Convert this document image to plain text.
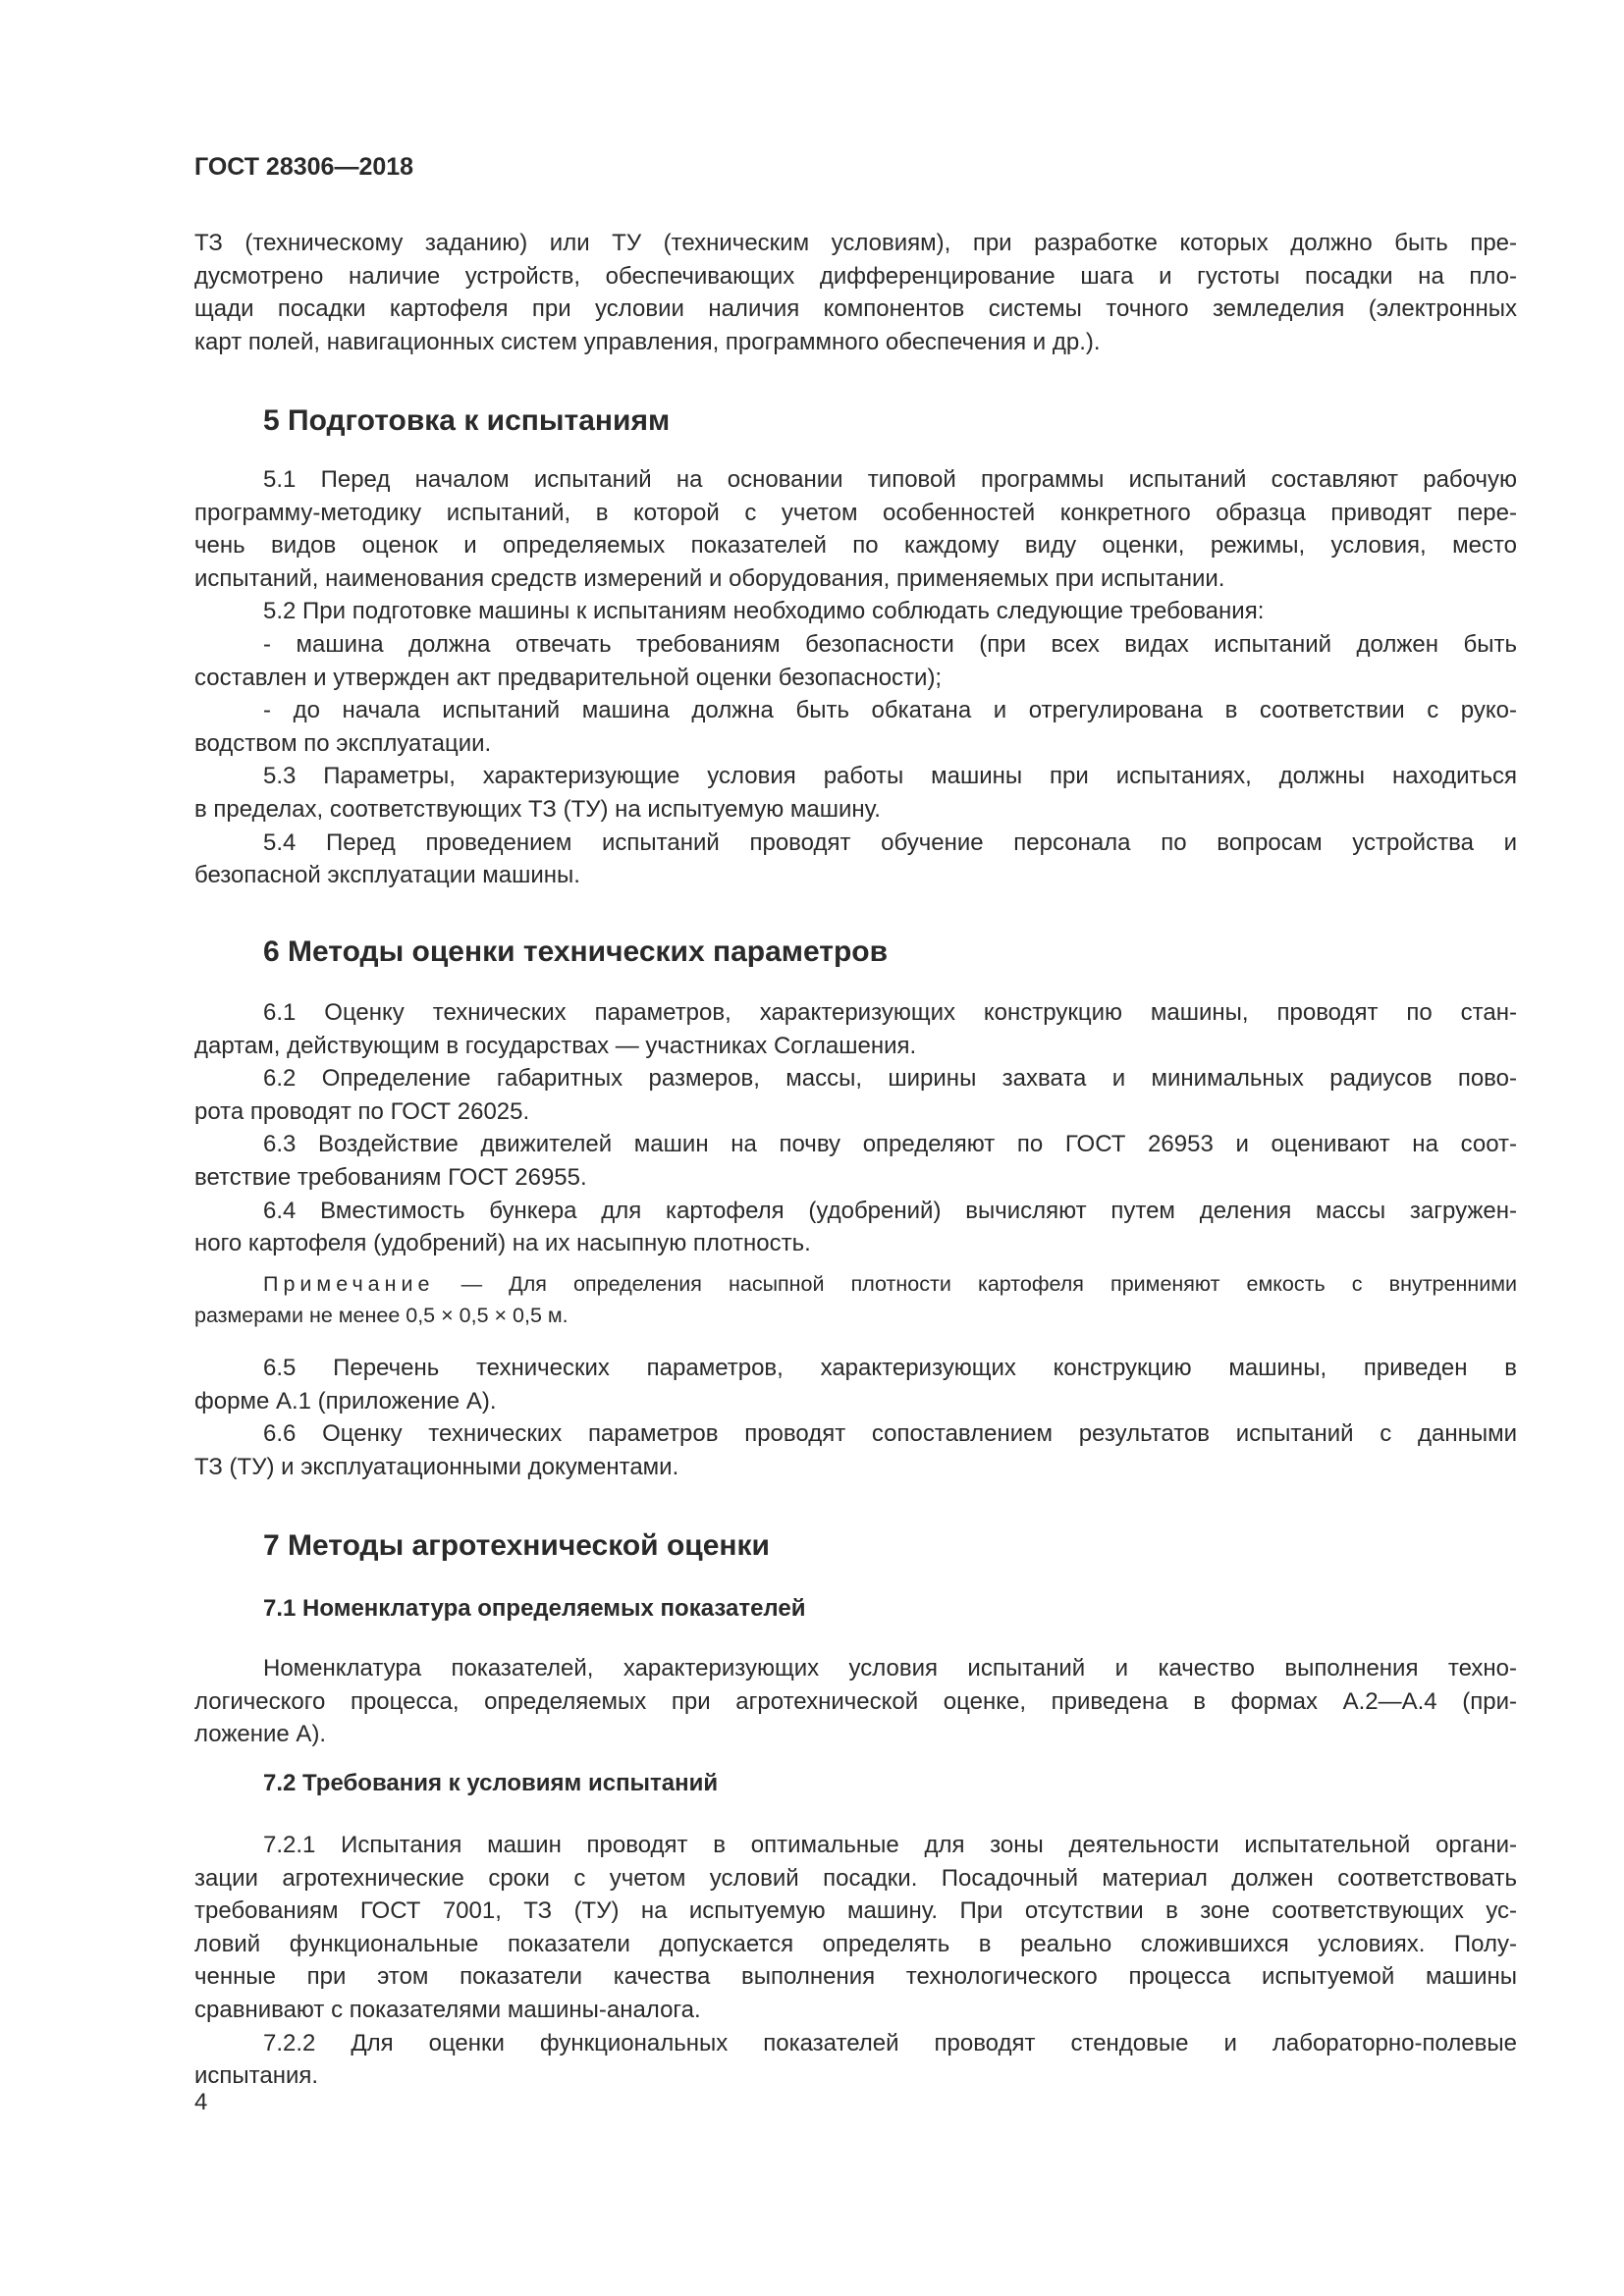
ГОСТ 28306—2018
ТЗ (техническому заданию) или ТУ (техническим условиям), при разработке которых должно быть пре-
дусмотрено наличие устройств, обеспечивающих дифференцирование шага и густоты посадки на пло-
щади посадки картофеля при условии наличия компонентов системы точного земледелия (электронных
карт полей, навигационных систем управления, программного обеспечения и др.).
5 Подготовка к испытаниям
5.1 Перед началом испытаний на основании типовой программы испытаний составляют рабочую
программу-методику испытаний, в которой с учетом особенностей конкретного образца приводят пере-
чень видов оценок и определяемых показателей по каждому виду оценки, режимы, условия, место
испытаний, наименования средств измерений и оборудования, применяемых при испытании.
5.2 При подготовке машины к испытаниям необходимо соблюдать следующие требования:
- машина должна отвечать требованиям безопасности (при всех видах испытаний должен быть
составлен и утвержден акт предварительной оценки безопасности);
- до начала испытаний машина должна быть обкатана и отрегулирована в соответствии с руко-
водством по эксплуатации.
5.3 Параметры, характеризующие условия работы машины при испытаниях, должны находиться
в пределах, соответствующих ТЗ (ТУ) на испытуемую машину.
5.4 Перед проведением испытаний проводят обучение персонала по вопросам устройства и
безопасной эксплуатации машины.
6 Методы оценки технических параметров
6.1 Оценку технических параметров, характеризующих конструкцию машины, проводят по стан-
дартам, действующим в государствах — участниках Соглашения.
6.2 Определение габаритных размеров, массы, ширины захвата и минимальных радиусов пово-
рота проводят по ГОСТ 26025.
6.3 Воздействие движителей машин на почву определяют по ГОСТ 26953 и оценивают на соот-
ветствие требованиям ГОСТ 26955.
6.4 Вместимость бункера для картофеля (удобрений) вычисляют путем деления массы загружен-
ного картофеля (удобрений) на их насыпную плотность.
Примечание — Для определения насыпной плотности картофеля применяют емкость с внутренними
размерами не менее 0,5 × 0,5 × 0,5 м.
6.5 Перечень технических параметров, характеризующих конструкцию машины, приведен в
форме А.1 (приложение А).
6.6 Оценку технических параметров проводят сопоставлением результатов испытаний с данными
ТЗ (ТУ) и эксплуатационными документами.
7 Методы агротехнической оценки
7.1 Номенклатура определяемых показателей
Номенклатура показателей, характеризующих условия испытаний и качество выполнения техно-
логического процесса, определяемых при агротехнической оценке, приведена в формах А.2—А.4 (при-
ложение А).
7.2 Требования к условиям испытаний
7.2.1 Испытания машин проводят в оптимальные для зоны деятельности испытательной органи-
зации агротехнические сроки с учетом условий посадки. Посадочный материал должен соответствовать
требованиям ГОСТ 7001, ТЗ (ТУ) на испытуемую машину. При отсутствии в зоне соответствующих ус-
ловий функциональные показатели допускается определять в реально сложившихся условиях. Полу-
ченные при этом показатели качества выполнения технологического процесса испытуемой машины
сравнивают с показателями машины-аналога.
7.2.2 Для оценки функциональных показателей проводят стендовые и лабораторно-полевые
испытания.
4
